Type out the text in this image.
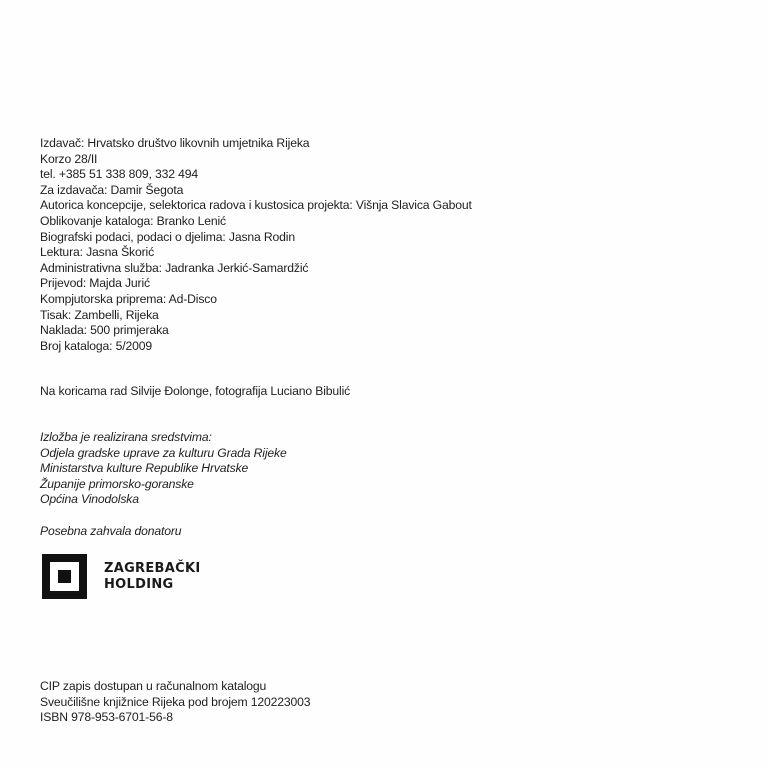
Izdavač: Hrvatsko društvo likovnih umjetnika Rijeka
Korzo 28/II
tel. +385 51 338 809, 332 494
Za izdavača: Damir Šegota
Autorica koncepcije, selektorica radova i kustosica projekta: Višnja Slavica Gabout
Oblikovanje kataloga: Branko Lenić
Biografski podaci, podaci o djelima: Jasna Rodin
Lektura: Jasna Škorić
Administrativna služba: Jadranka Jerkić-Samardžić
Prijevod: Majda Jurić
Kompjutorska priprema: Ad-Disco
Tisak: Zambelli, Rijeka
Naklada: 500 primjeraka
Broj kataloga: 5/2009
Na koricama rad Silvije Đolonge, fotografija Luciano Bibulić
Izložba je realizirana sredstvima:
Odjela gradske uprave za kulturu Grada Rijeke
Ministarstva kulture Republike Hrvatske
Županije primorsko-goranske
Općina Vinodolska
Posebna zahvala donatoru
ZAGREBAČKI
HOLDING
CIP zapis dostupan u računalnom katalogu
Sveučilišne knjižnice Rijeka pod brojem 120223003
ISBN 978-953-6701-56-8
